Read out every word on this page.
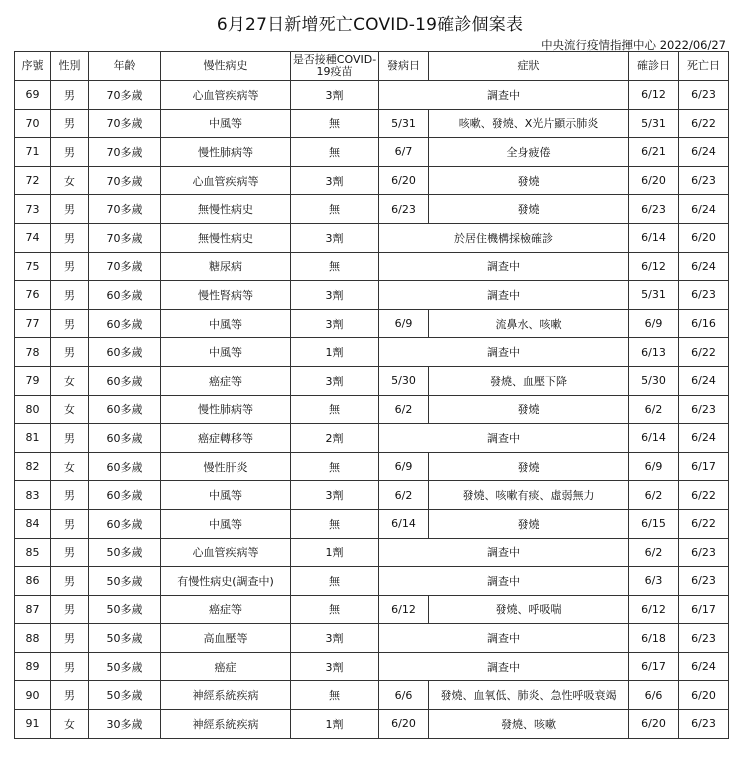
6月27日新增死亡COVID-19確診個案表
中央流行疫情指揮中心 2022/06/27
序號	性別	年齡	慢性病史	是否接種COVID-19疫苗	發病日	症狀	確診日	死亡日
69	男	70多歲	心血管疾病等	3劑	調查中		6/12	6/23
70	男	70多歲	中風等	無	5/31	咳嗽、發燒、X光片顯示肺炎	5/31	6/22
71	男	70多歲	慢性肺病等	無	6/7	全身疲倦	6/21	6/24
72	女	70多歲	心血管疾病等	3劑	6/20	發燒	6/20	6/23
73	男	70多歲	無慢性病史	無	6/23	發燒	6/23	6/24
74	男	70多歲	無慢性病史	3劑	於居住機構採檢確診		6/14	6/20
75	男	70多歲	糖尿病	無	調查中		6/12	6/24
76	男	60多歲	慢性腎病等	3劑	調查中		5/31	6/23
77	男	60多歲	中風等	3劑	6/9	流鼻水、咳嗽	6/9	6/16
78	男	60多歲	中風等	1劑	調查中		6/13	6/22
79	女	60多歲	癌症等	3劑	5/30	發燒、血壓下降	5/30	6/24
80	女	60多歲	慢性肺病等	無	6/2	發燒	6/2	6/23
81	男	60多歲	癌症轉移等	2劑	調查中		6/14	6/24
82	女	60多歲	慢性肝炎	無	6/9	發燒	6/9	6/17
83	男	60多歲	中風等	3劑	6/2	發燒、咳嗽有痰、虛弱無力	6/2	6/22
84	男	60多歲	中風等	無	6/14	發燒	6/15	6/22
85	男	50多歲	心血管疾病等	1劑	調查中		6/2	6/23
86	男	50多歲	有慢性病史(調查中)	無	調查中		6/3	6/23
87	男	50多歲	癌症等	無	6/12	發燒、呼吸喘	6/12	6/17
88	男	50多歲	高血壓等	3劑	調查中		6/18	6/23
89	男	50多歲	癌症	3劑	調查中		6/17	6/24
90	男	50多歲	神經系統疾病	無	6/6	發燒、血氧低、肺炎、急性呼吸衰竭	6/6	6/20
91	女	30多歲	神經系統疾病	1劑	6/20	發燒、咳嗽	6/20	6/23
